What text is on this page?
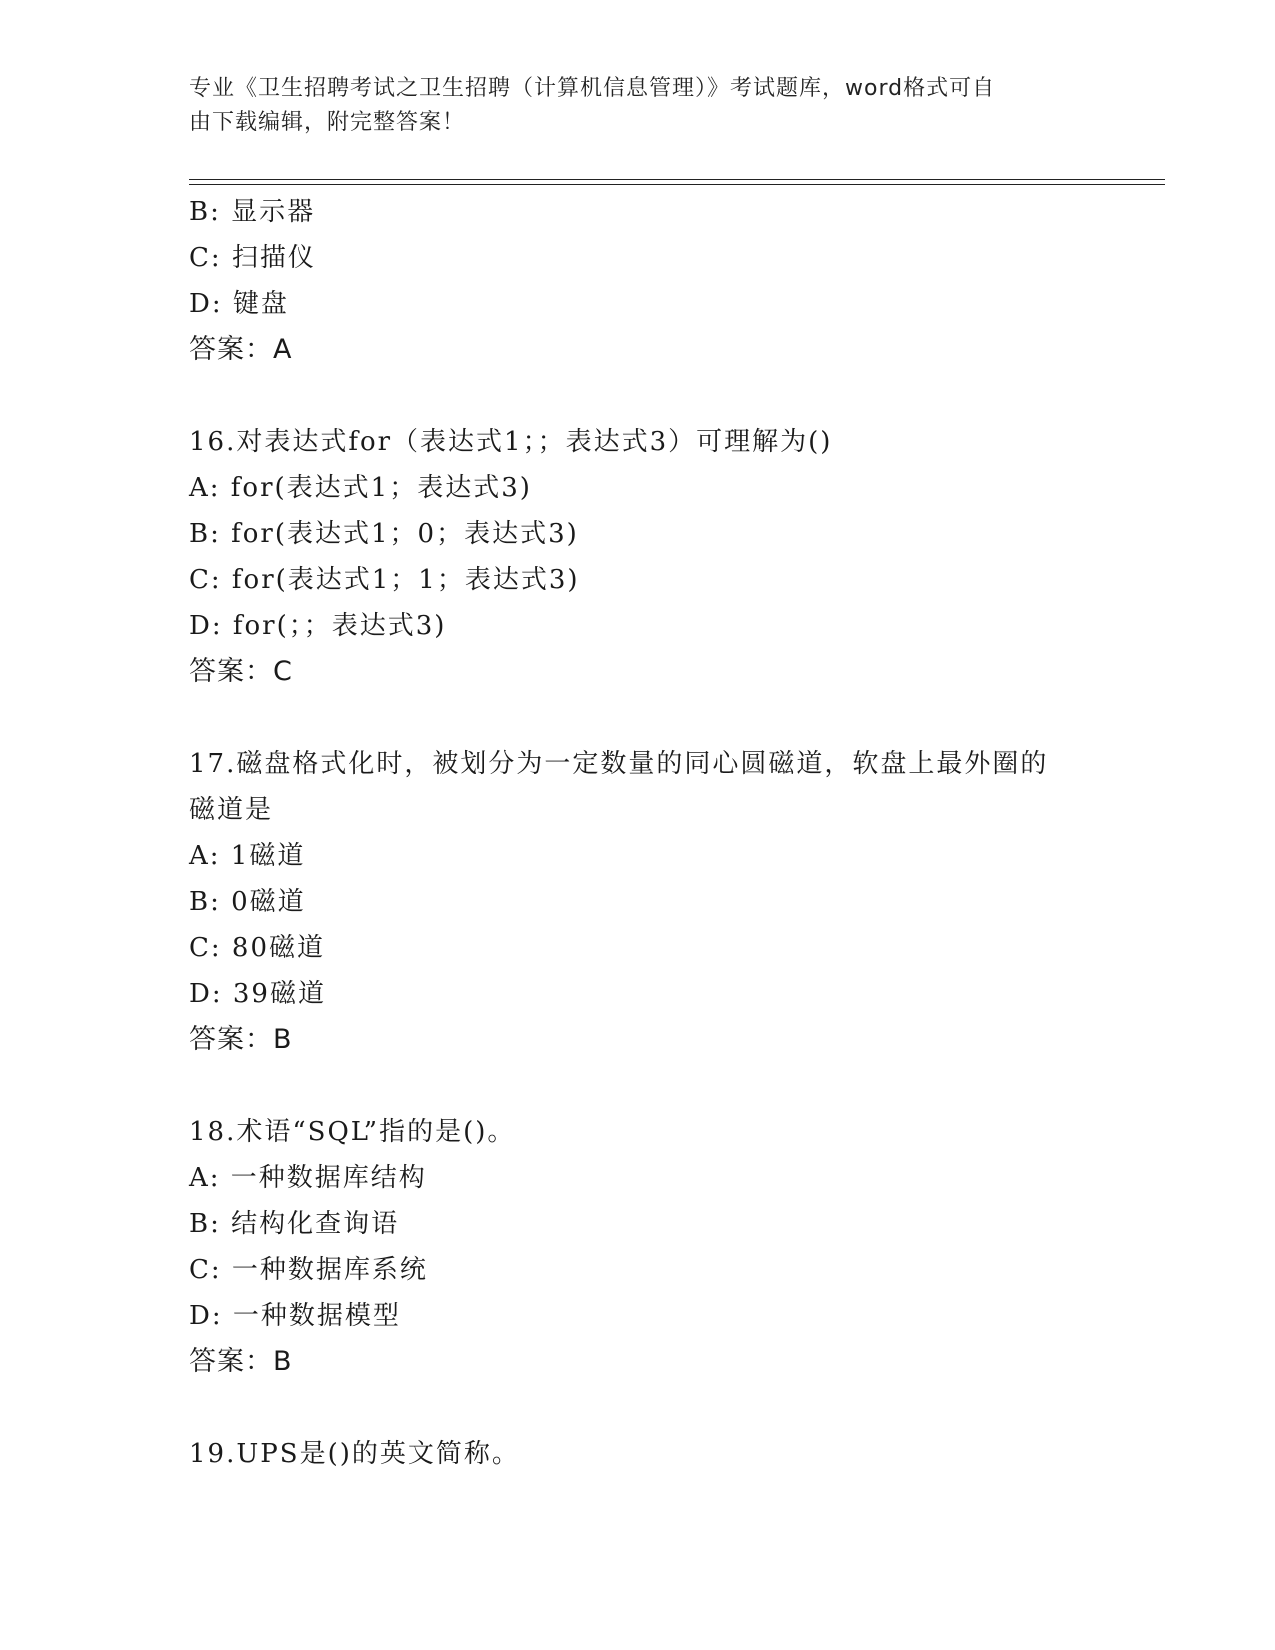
专业《卫生招聘考试之卫生招聘（计算机信息管理）》考试题库，word格式可自
由下载编辑，附完整答案！
B: 显示器
C: 扫描仪
D: 键盘
答案：A
16.对表达式for（表达式1；；表达式3）可理解为()
A: for(表达式1；表达式3)
B: for(表达式1；0；表达式3)
C: for(表达式1；1；表达式3)
D: for(；；表达式3)
答案：C
17.磁盘格式化时，被划分为一定数量的同心圆磁道，软盘上最外圈的
磁道是
A: 1磁道
B: 0磁道
C: 80磁道
D: 39磁道
答案：B
18.术语“SQL”指的是()。
A: 一种数据库结构
B: 结构化查询语
C: 一种数据库系统
D: 一种数据模型
答案：B
19.UPS是()的英文简称。
